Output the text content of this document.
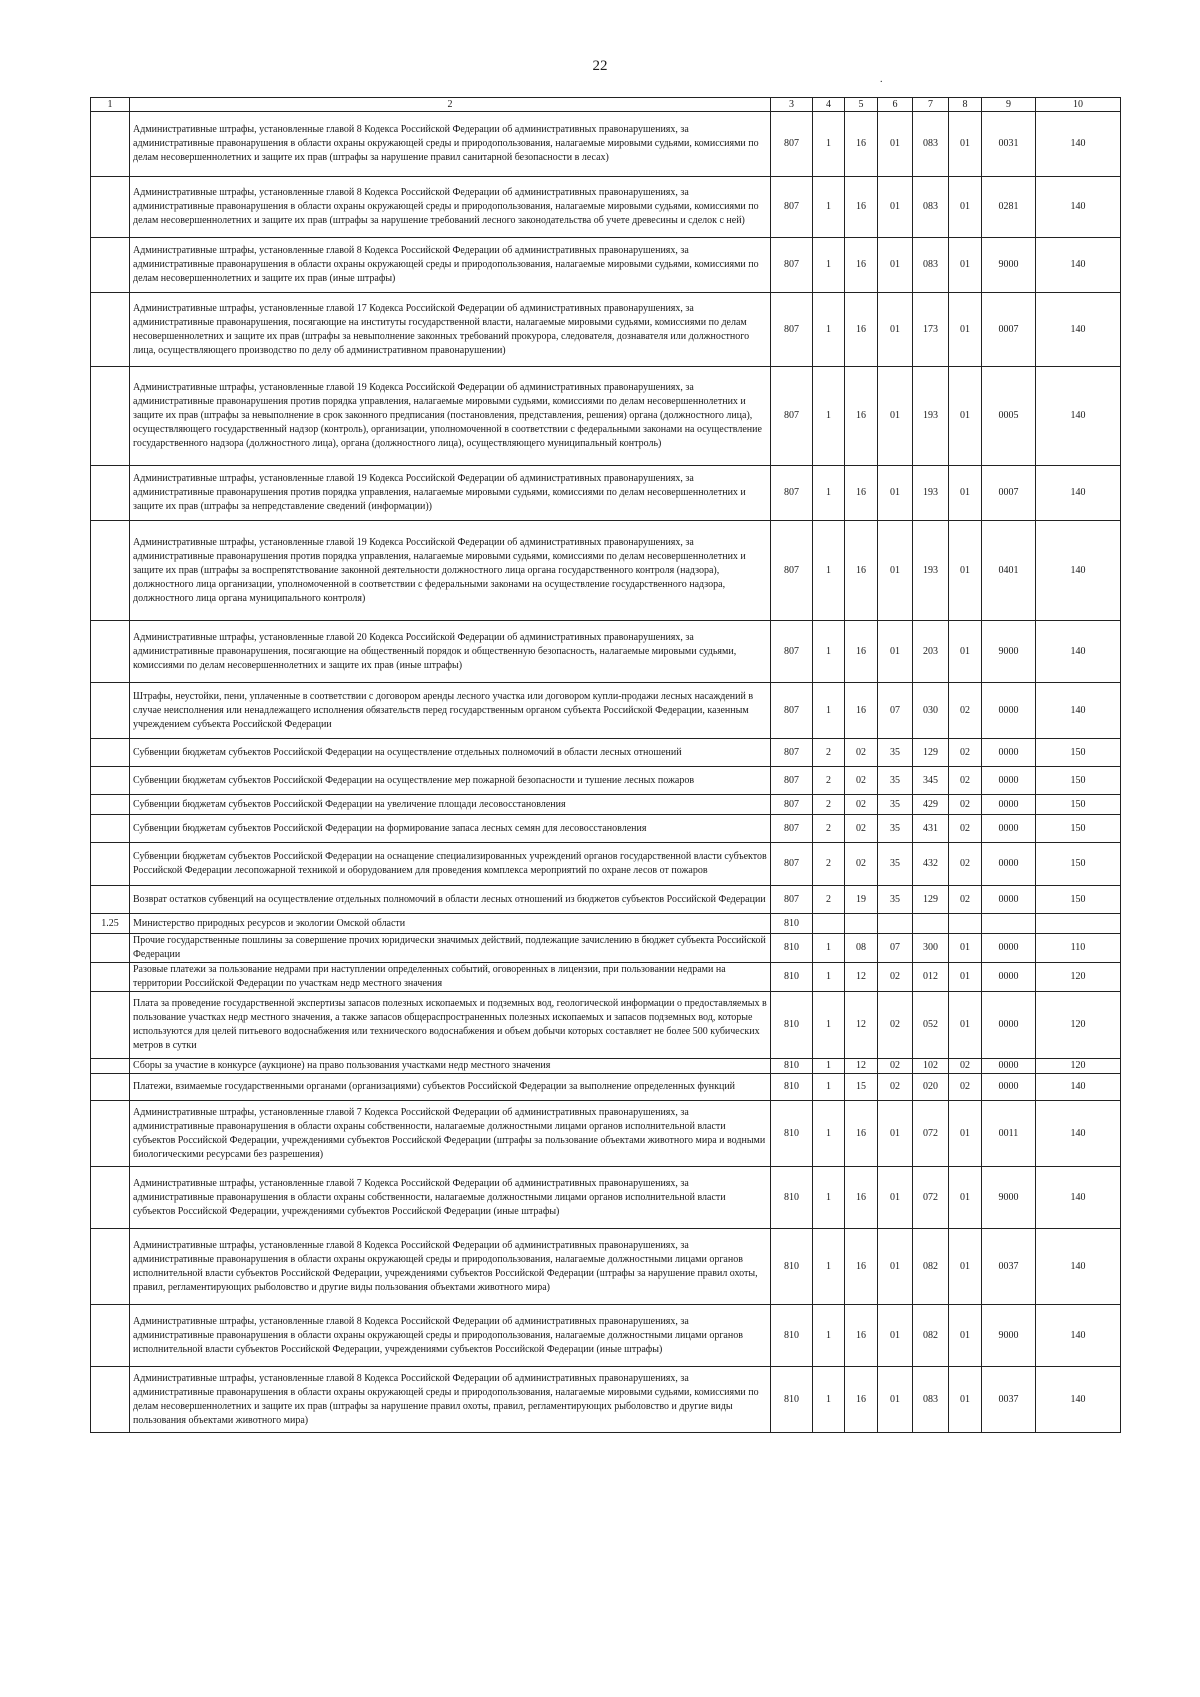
22
.
1	2	3	4	5	6	7	8	9	10
	Административные штрафы, установленные главой 8 Кодекса Российской Федерации об административных правонарушениях, за административные правонарушения в области охраны окружающей среды и природопользования, налагаемые мировыми судьями, комиссиями по делам несовершеннолетних и защите их прав (штрафы за нарушение правил санитарной безопасности в лесах)	807	1	16	01	083	01	0031	140
	Административные штрафы, установленные главой 8 Кодекса Российской Федерации об административных правонарушениях, за административные правонарушения в области охраны окружающей среды и природопользования, налагаемые мировыми судьями, комиссиями по делам несовершеннолетних и защите их прав (штрафы за нарушение требований лесного законодательства об учете древесины и сделок с ней)	807	1	16	01	083	01	0281	140
	Административные штрафы, установленные главой 8 Кодекса Российской Федерации об административных правонарушениях, за административные правонарушения в области охраны окружающей среды и природопользования, налагаемые мировыми судьями, комиссиями по делам несовершеннолетних и защите их прав (иные штрафы)	807	1	16	01	083	01	9000	140
	Административные штрафы, установленные главой 17 Кодекса Российской Федерации об административных правонарушениях, за административные правонарушения, посягающие на институты государственной власти, налагаемые мировыми судьями, комиссиями по делам несовершеннолетних и защите их прав (штрафы за невыполнение законных требований прокурора, следователя, дознавателя или должностного лица, осуществляющего производство по делу об административном правонарушении)	807	1	16	01	173	01	0007	140
	Административные штрафы, установленные главой 19 Кодекса Российской Федерации об административных правонарушениях, за административные правонарушения против порядка управления, налагаемые мировыми судьями, комиссиями по делам несовершеннолетних и защите их прав (штрафы за невыполнение в срок законного предписания (постановления, представления, решения) органа (должностного лица), осуществляющего государственный надзор (контроль), организации, уполномоченной в соответствии с федеральными законами на осуществление государственного надзора (должностного лица), органа (должностного лица), осуществляющего муниципальный контроль)	807	1	16	01	193	01	0005	140
	Административные штрафы, установленные главой 19 Кодекса Российской Федерации об административных правонарушениях, за административные правонарушения против порядка управления, налагаемые мировыми судьями, комиссиями по делам несовершеннолетних и защите их прав (штрафы за непредставление сведений (информации))	807	1	16	01	193	01	0007	140
	Административные штрафы, установленные главой 19 Кодекса Российской Федерации об административных правонарушениях, за административные правонарушения против порядка управления, налагаемые мировыми судьями, комиссиями по делам несовершеннолетних и защите их прав (штрафы за воспрепятствование законной деятельности должностного лица органа государственного контроля (надзора), должностного лица организации, уполномоченной в соответствии с федеральными законами на осуществление государственного надзора, должностного лица органа муниципального контроля)	807	1	16	01	193	01	0401	140
	Административные штрафы, установленные главой 20 Кодекса Российской Федерации об административных правонарушениях, за административные правонарушения, посягающие на общественный порядок и общественную безопасность, налагаемые мировыми судьями, комиссиями по делам несовершеннолетних и защите их прав (иные штрафы)	807	1	16	01	203	01	9000	140
	Штрафы, неустойки, пени, уплаченные в соответствии с договором аренды лесного участка или договором купли-продажи лесных насаждений в случае неисполнения или ненадлежащего исполнения обязательств перед государственным органом субъекта Российской Федерации, казенным учреждением субъекта Российской Федерации	807	1	16	07	030	02	0000	140
	Субвенции бюджетам субъектов Российской Федерации на осуществление отдельных полномочий в области лесных отношений	807	2	02	35	129	02	0000	150
	Субвенции бюджетам субъектов Российской Федерации на осуществление мер пожарной безопасности и тушение лесных пожаров	807	2	02	35	345	02	0000	150
	Субвенции бюджетам субъектов Российской Федерации на увеличение площади лесовосстановления	807	2	02	35	429	02	0000	150
	Субвенции бюджетам субъектов Российской Федерации на формирование запаса лесных семян для лесовосстановления	807	2	02	35	431	02	0000	150
	Субвенции бюджетам субъектов Российской Федерации на оснащение специализированных учреждений органов государственной власти субъектов Российской Федерации лесопожарной техникой и оборудованием для проведения комплекса мероприятий по охране лесов от пожаров	807	2	02	35	432	02	0000	150
	Возврат остатков субвенций на осуществление отдельных полномочий в области лесных отношений из бюджетов субъектов Российской Федерации	807	2	19	35	129	02	0000	150
1.25	Министерство природных ресурсов и экологии Омской области	810							
	Прочие государственные пошлины за совершение прочих юридически значимых действий, подлежащие зачислению в бюджет субъекта Российской Федерации	810	1	08	07	300	01	0000	110
	Разовые платежи за пользование недрами при наступлении определенных событий, оговоренных в лицензии, при пользовании недрами на территории Российской Федерации по участкам недр местного значения	810	1	12	02	012	01	0000	120
	Плата за проведение государственной экспертизы запасов полезных ископаемых и подземных вод, геологической информации о предоставляемых в пользование участках недр местного значения, а также запасов общераспространенных полезных ископаемых и запасов подземных вод, которые используются для целей питьевого водоснабжения или технического водоснабжения и объем добычи которых составляет не более 500 кубических метров в сутки	810	1	12	02	052	01	0000	120
	Сборы за участие в конкурсе (аукционе) на право пользования участками недр местного значения	810	1	12	02	102	02	0000	120
	Платежи, взимаемые государственными органами (организациями) субъектов Российской Федерации за выполнение определенных функций	810	1	15	02	020	02	0000	140
	Административные штрафы, установленные главой 7 Кодекса Российской Федерации об административных правонарушениях, за административные правонарушения в области охраны собственности, налагаемые должностными лицами органов исполнительной власти субъектов Российской Федерации, учреждениями субъектов Российской Федерации (штрафы за пользование объектами животного мира и водными биологическими ресурсами без разрешения)	810	1	16	01	072	01	0011	140
	Административные штрафы, установленные главой 7 Кодекса Российской Федерации об административных правонарушениях, за административные правонарушения в области охраны собственности, налагаемые должностными лицами органов исполнительной власти субъектов Российской Федерации, учреждениями субъектов Российской Федерации (иные штрафы)	810	1	16	01	072	01	9000	140
	Административные штрафы, установленные главой 8 Кодекса Российской Федерации об административных правонарушениях, за административные правонарушения в области охраны окружающей среды и природопользования, налагаемые должностными лицами органов исполнительной власти субъектов Российской Федерации, учреждениями субъектов Российской Федерации (штрафы за нарушение правил охоты, правил, регламентирующих рыболовство и другие виды пользования объектами животного мира)	810	1	16	01	082	01	0037	140
	Административные штрафы, установленные главой 8 Кодекса Российской Федерации об административных правонарушениях, за административные правонарушения в области охраны окружающей среды и природопользования, налагаемые должностными лицами органов исполнительной власти субъектов Российской Федерации, учреждениями субъектов Российской Федерации (иные штрафы)	810	1	16	01	082	01	9000	140
	Административные штрафы, установленные главой 8 Кодекса Российской Федерации об административных правонарушениях, за административные правонарушения в области охраны окружающей среды и природопользования, налагаемые мировыми судьями, комиссиями по делам несовершеннолетних и защите их прав (штрафы за нарушение правил охоты, правил, регламентирующих рыболовство и другие виды пользования объектами животного мира)	810	1	16	01	083	01	0037	140
